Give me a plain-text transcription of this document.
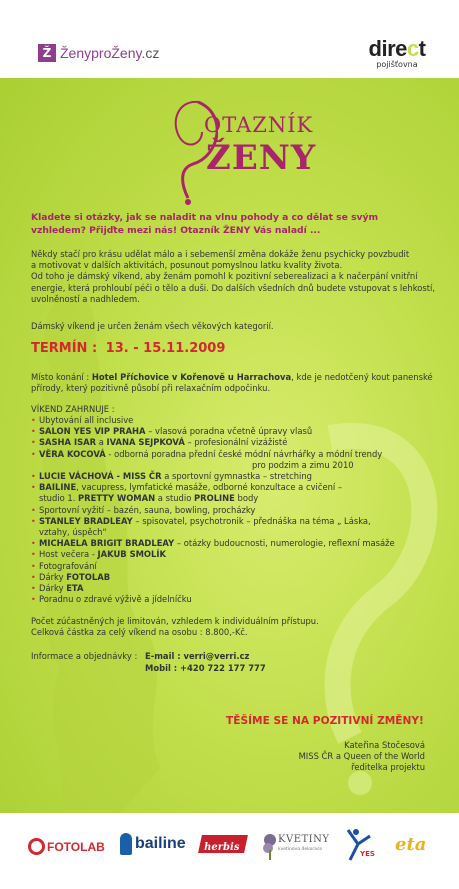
Ž ŽenyproŽeny.cz	direct
pojišťovna
OTAZNÍK
ŽENY
Kladete si otázky, jak se naladit na vlnu pohody a co dělat se svým
vzhledem? Přijďte mezi nás! Otazník ŽENY Vás naladí ...
Někdy stačí pro krásu udělat málo a i sebemenší změna dokáže ženu psychicky povzbudit
a motivovat v dalších aktivitách, posunout pomyslnou latku kvality života.
Od toho je dámský víkend, aby ženám pomohl k pozitivní seberealizaci a k načerpání vnitřní
energie, která prohloubí péči o tělo a duši. Do dalších všedních dnů budete vstupovat s lehkostí,
uvolněností a nadhledem.
Dámský víkend je určen ženám všech věkových kategorií.
TERMÍN : 13. - 15.11.2009
Místo konání : Hotel Příchovice v Kořenově u Harrachova, kde je nedotčený kout panenské
přírody, který pozitivně působí při relaxačním odpočinku.
VÍKEND ZAHRNUJE :
• Ubytování all inclusive
• SALON YES VIP PRAHA – vlasová poradna včetně úpravy vlasů
• SASHA ISAR a IVANA SEJPKOVÁ – profesionální vizážisté
• VĚRA KOCOVÁ - odborná poradna přední české módní návrhářky a módní trendy
pro podzim a zimu 2010
• LUCIE VÁCHOVÁ - MISS ČR a sportovní gymnastka – stretching
• BAILINE, vacupress, lymfatické masáže, odborné konzultace a cvičení –
studio 1. PRETTY WOMAN a studio PROLINE body
• Sportovní vyžití – bazén, sauna, bowling, procházky
• STANLEY BRADLEAY – spisovatel, psychotronik – přednáška na téma „ Láska,
vztahy, úspěch“
• MICHAELA BRIGIT BRADLEAY – otázky budoucnosti, numerologie, reflexní masáže
• Host večera - JAKUB SMOLÍK
• Fotografování
• Dárky FOTOLAB
• Dárky ETA
• Poradnu o zdravé výživě a jídelníčku
Počet zúčastněných je limitován, vzhledem k individuálním přístupu.
Celková částka za celý víkend na osobu : 8.800,-Kč.
Informace a objednávky : E-mail : verri@verri.cz
Mobil : +420 722 177 777
TĚŠÍME SE NA POZITIVNÍ ZMĚNY!
Kateřina Stočesová
MISS ČR a Queen of the World
ředitelka projektu
FOTOLAB bailine	herbis
KVETINY
kvetinova dekorace
YES eta
